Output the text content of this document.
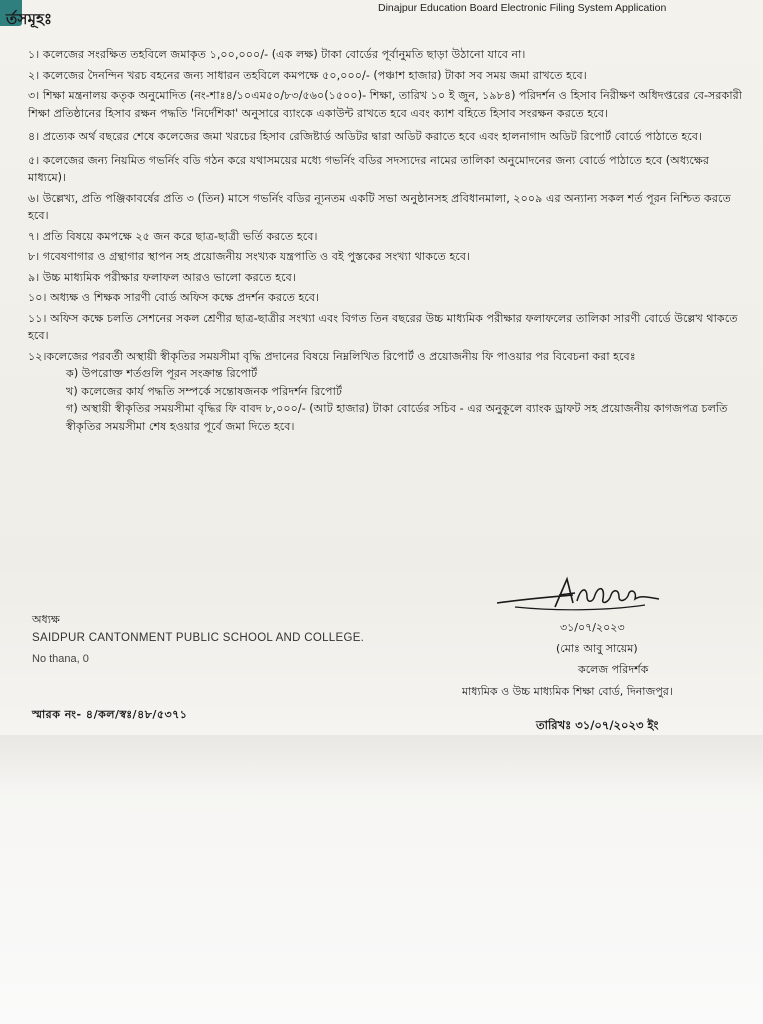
Dinajpur Education Board Electronic Filing System Application
র্তসমূহঃ
১। কলেজের সংরক্ষিত তহবিলে জমাকৃত ১,০০,০০০/- (এক লক্ষ) টাকা বোর্ডের পূর্বানুমতি ছাড়া উঠানো যাবে না।
২। কলেজের দৈনন্দিন খরচ বহনের জন্য সাধারন তহবিলে কমপক্ষে ৫০,০০০/- (পঞ্চাশ হাজার) টাকা সব সময় জমা রাখতে হবে।
৩। শিক্ষা মন্ত্রনালয় কতৃক অনুমোদিত (নং-শাঃ৪/১০এম৫০/৮৩/৫৬০(১৫০০)- শিক্ষা, তারিখ ১০ ই জুন, ১৯৮৪) পরিদর্শন ও হিসাব নিরীক্ষণ অধিদপ্তরের বে-সরকারী শিক্ষা প্রতিষ্ঠানের হিসাব রক্ষন পদ্ধতি 'নির্দেশিকা' অনুসারে ব্যাংকে একাউন্ট রাখতে হবে এবং ক্যাশ বহিতে হিসাব সংরক্ষন করতে হবে।
৪। প্রত্যেক অর্থ বছরের শেষে কলেজের জমা খরচের হিসাব রেজিষ্টার্ড অডিটর দ্বারা অডিট করাতে হবে এবং হালনাগাদ অডিট রিপোর্ট বোর্ডে পাঠাতে হবে।
৫। কলেজের জন্য নিয়মিত গভর্নিং বডি গঠন করে যথাসময়ের মধ্যে গভর্নিং বডির সদস্যদের নামের তালিকা অনুমোদনের জন্য বোর্ডে পাঠাতে হবে (অধ্যক্ষের মাধ্যমে)।
৬। উল্লেখ্য, প্রতি পঞ্জিকাবর্ষের প্রতি ৩ (তিন) মাসে গভর্নিং বডির ন্যূনতম একটি সভা অনুষ্ঠানসহ প্রবিধানমালা, ২০০৯ এর অন্যান্য সকল শর্ত পূরন নিশ্চিত করতে হবে।
৭। প্রতি বিষয়ে কমপক্ষে ২৫ জন করে ছাত্র-ছাত্রী ভর্তি করতে হবে।
৮। গবেষণাগার ও গ্রন্থাগার স্থাপন সহ প্রয়োজনীয় সংখ্যক যন্ত্রপাতি ও বই পুস্তকের সংখ্যা থাকতে হবে।
৯। উচ্চ মাধ্যমিক পরীক্ষার ফলাফল আরও ভালো করতে হবে।
১০। অধ্যক্ষ ও শিক্ষক সারণী বোর্ড অফিস কক্ষে প্রদর্শন করতে হবে।
১১। অফিস কক্ষে চলতি সেশনের সকল শ্রেণীর ছাত্র-ছাত্রীর সংখ্যা এবং বিগত তিন বছরের উচ্চ মাধ্যমিক পরীক্ষার ফলাফলের তালিকা সারণী বোর্ডে উল্লেখ থাকতে হবে।
১২।কলেজের পরবর্তী অস্থায়ী স্বীকৃতির সময়সীমা বৃদ্ধি প্রদানের বিষয়ে নিম্নলিখিত রিপোর্ট ও প্রয়োজনীয় ফি পাওয়ার পর বিবেচনা করা হবেঃ
ক) উপরোক্ত শর্তগুলি পূরন সংক্রান্ত রিপোর্ট
খ) কলেজের কার্য পদ্ধতি সম্পর্কে সন্তোষজনক পরিদর্শন রিপোর্ট
গ) অস্থায়ী স্বীকৃতির সময়সীমা বৃদ্ধির ফি বাবদ ৮,০০০/- (আট হাজার) টাকা বোর্ডের সচিব - এর অনুকূলে ব্যাংক ড্রাফট সহ প্রয়োজনীয় কাগজপত্র চলতি স্বীকৃতির সময়সীমা শেষ হওয়ার পূর্বে জমা দিতে হবে।
৩১/০৭/২০২৩
(মোঃ আবু সায়েম)
কলেজ পরিদর্শক
মাধ্যমিক ও উচ্চ মাধ্যমিক শিক্ষা বোর্ড, দিনাজপুর।
অধ্যক্ষ
SAIDPUR CANTONMENT PUBLIC SCHOOL AND COLLEGE.
No thana, 0
স্মারক নং- ৪/কল/স্বঃ/৪৮/৫৩৭১
তারিখঃ ৩১/০৭/২০২৩ ইং
